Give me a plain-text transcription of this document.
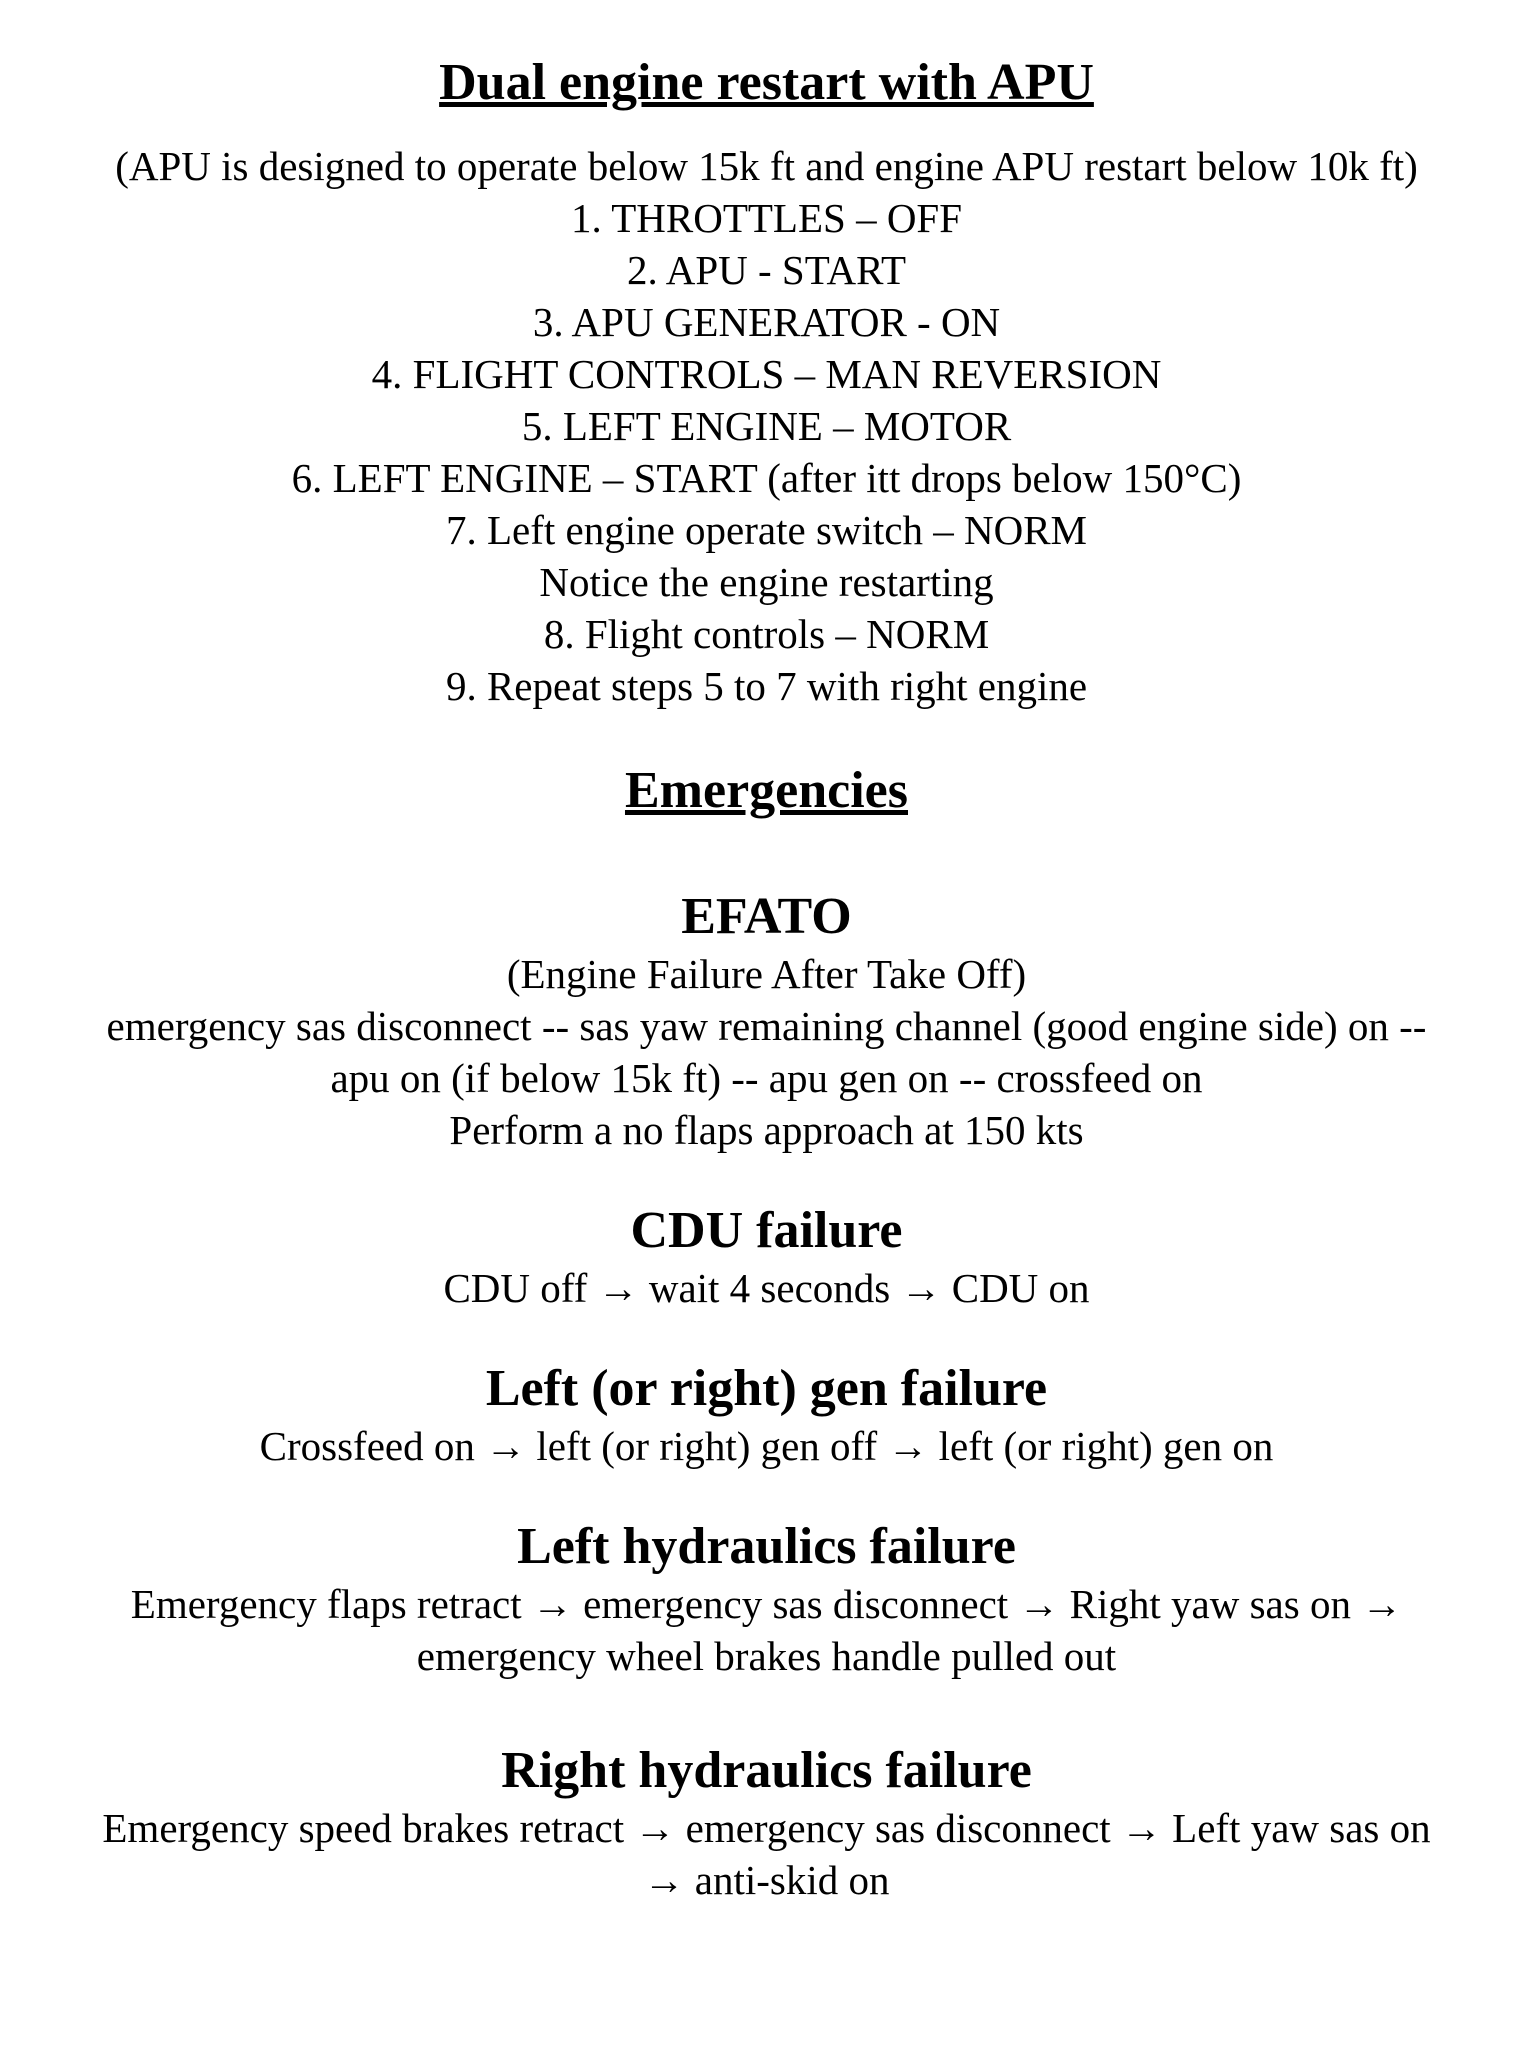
Dual engine restart with APU

(APU is designed to operate below 15k ft and engine APU restart below 10k ft)

1. THROTTLES – OFF
2. APU - START
3. APU GENERATOR - ON
4. FLIGHT CONTROLS – MAN REVERSION
5. LEFT ENGINE – MOTOR
6. LEFT ENGINE – START (after itt drops below 150°C)
7. Left engine operate switch – NORM
Notice the engine restarting
8. Flight controls – NORM
9. Repeat steps 5 to 7 with right engine
Emergencies
EFATO

(Engine Failure After Take Off)

emergency sas disconnect -- sas yaw remaining channel (good engine side) on -- apu on (if below 15k ft) -- apu gen on -- crossfeed on

Perform a no flaps approach at 150 kts

CDU failure

CDU off → wait 4 seconds → CDU on

Left (or right) gen failure

Crossfeed on → left (or right) gen off → left (or right) gen on

Left hydraulics failure

Emergency flaps retract → emergency sas disconnect → Right yaw sas on → emergency wheel brakes handle pulled out

Right hydraulics failure

Emergency speed brakes retract → emergency sas disconnect → Left yaw sas on → anti-skid on
